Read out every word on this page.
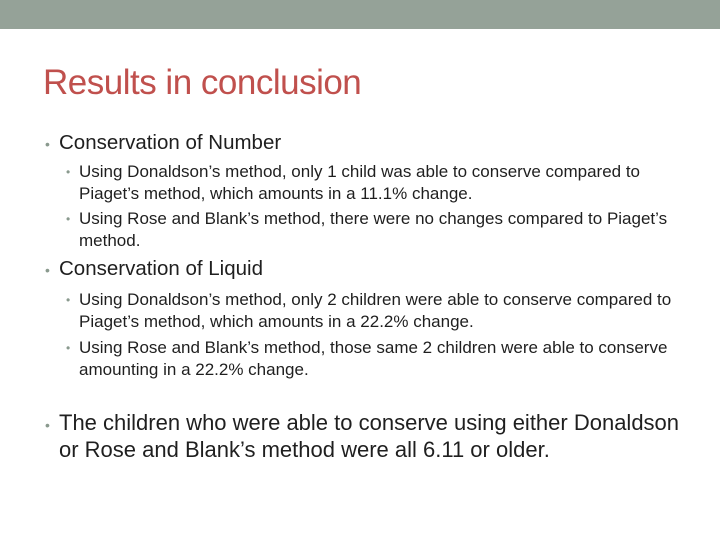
Results in conclusion
• Conservation of Number
• Using Donaldson’s method, only 1 child was able to conserve compared to Piaget’s method, which amounts in a 11.1% change.
• Using Rose and Blank’s method, there were no changes compared to Piaget’s method.
• Conservation of Liquid
• Using Donaldson’s method, only 2 children were able to conserve compared to Piaget’s method, which amounts in a 22.2% change.
• Using Rose and Blank’s method, those same 2 children were able to conserve amounting in a 22.2% change.
• The children who were able to conserve using either Donaldson or Rose and Blank’s method were all 6.11 or older.
